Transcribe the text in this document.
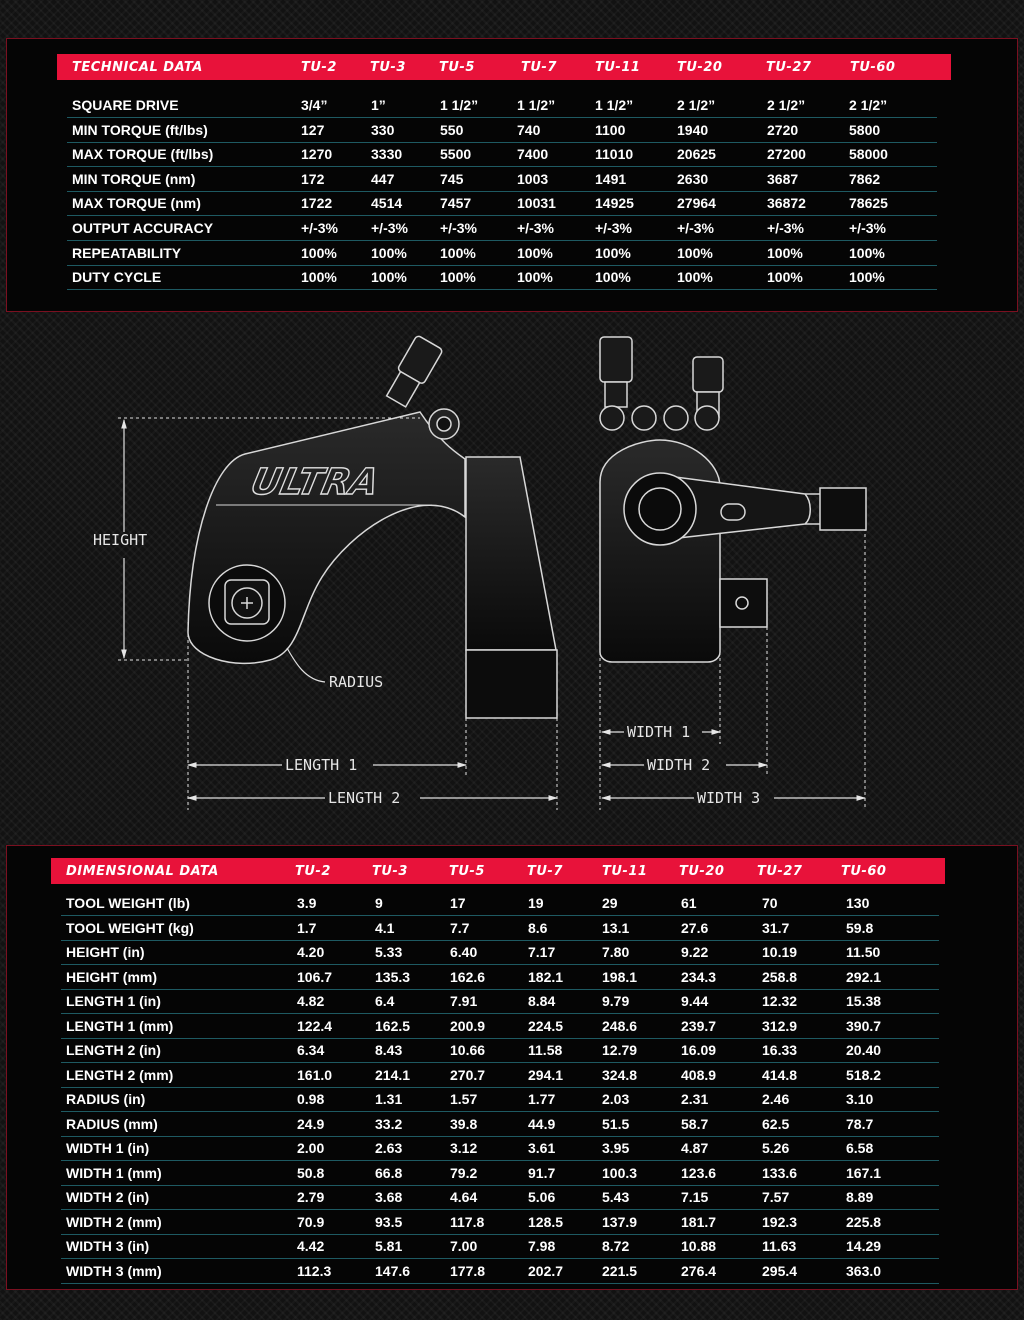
TECHNICAL DATA	TU-2	TU-3	TU-5	TU-7	TU-11	TU-20	TU-27	TU-60
SQUARE DRIVE	3/4”	1”	1 1/2”	1 1/2”	1 1/2”	2 1/2”	2 1/2”	2 1/2”
MIN TORQUE (ft/lbs)	127	330	550	740	1100	1940	2720	5800
MAX TORQUE (ft/lbs)	1270	3330	5500	7400	11010	20625	27200	58000
MIN TORQUE (nm)	172	447	745	1003	1491	2630	3687	7862
MAX TORQUE (nm)	1722	4514	7457	10031	14925	27964	36872	78625
OUTPUT ACCURACY	+/-3% +/-3% +/-3%	+/-3%	+/-3%	+/-3%	+/-3%	+/-3%
REPEATABILITY	100% 100% 100%	100%	100%	100%	100%	100%
DUTY CYCLE	100% 100% 100%	100%	100%	100%	100%	100%
ULTRA
HEIGHT
RADIUS
LENGTH 1
LENGTH 2
WIDTH 1
WIDTH 2
WIDTH 3
DIMENSIONAL DATA	TU-2	TU-3	TU-5	TU-7	TU-11 TU-20	TU-27	TU-60
TOOL WEIGHT (lb)	3.9	9	17	19	29	61	70	130
TOOL WEIGHT (kg)	1.7	4.1	7.7	8.6	13.1	27.6	31.7	59.8
HEIGHT (in)	4.20	5.33	6.40	7.17	7.80	9.22	10.19	11.50
HEIGHT (mm)	106.7	135.3	162.6	182.1	198.1	234.3	258.8	292.1
LENGTH 1 (in)	4.82	6.4	7.91	8.84	9.79	9.44	12.32	15.38
LENGTH 1 (mm)	122.4	162.5	200.9	224.5	248.6	239.7	312.9	390.7
LENGTH 2 (in)	6.34	8.43	10.66	11.58	12.79	16.09	16.33	20.40
LENGTH 2 (mm)	161.0	214.1	270.7	294.1	324.8	408.9	414.8	518.2
RADIUS (in)	0.98	1.31	1.57	1.77	2.03	2.31	2.46	3.10
RADIUS (mm)	24.9	33.2	39.8	44.9	51.5	58.7	62.5	78.7
WIDTH 1 (in)	2.00	2.63	3.12	3.61	3.95	4.87	5.26	6.58
WIDTH 1 (mm)	50.8	66.8	79.2	91.7	100.3	123.6	133.6	167.1
WIDTH 2 (in)	2.79	3.68	4.64	5.06	5.43	7.15	7.57	8.89
WIDTH 2 (mm)	70.9	93.5	117.8	128.5	137.9	181.7	192.3	225.8
WIDTH 3 (in)	4.42	5.81	7.00	7.98	8.72	10.88	11.63	14.29
WIDTH 3 (mm)	112.3	147.6	177.8	202.7	221.5	276.4	295.4	363.0
